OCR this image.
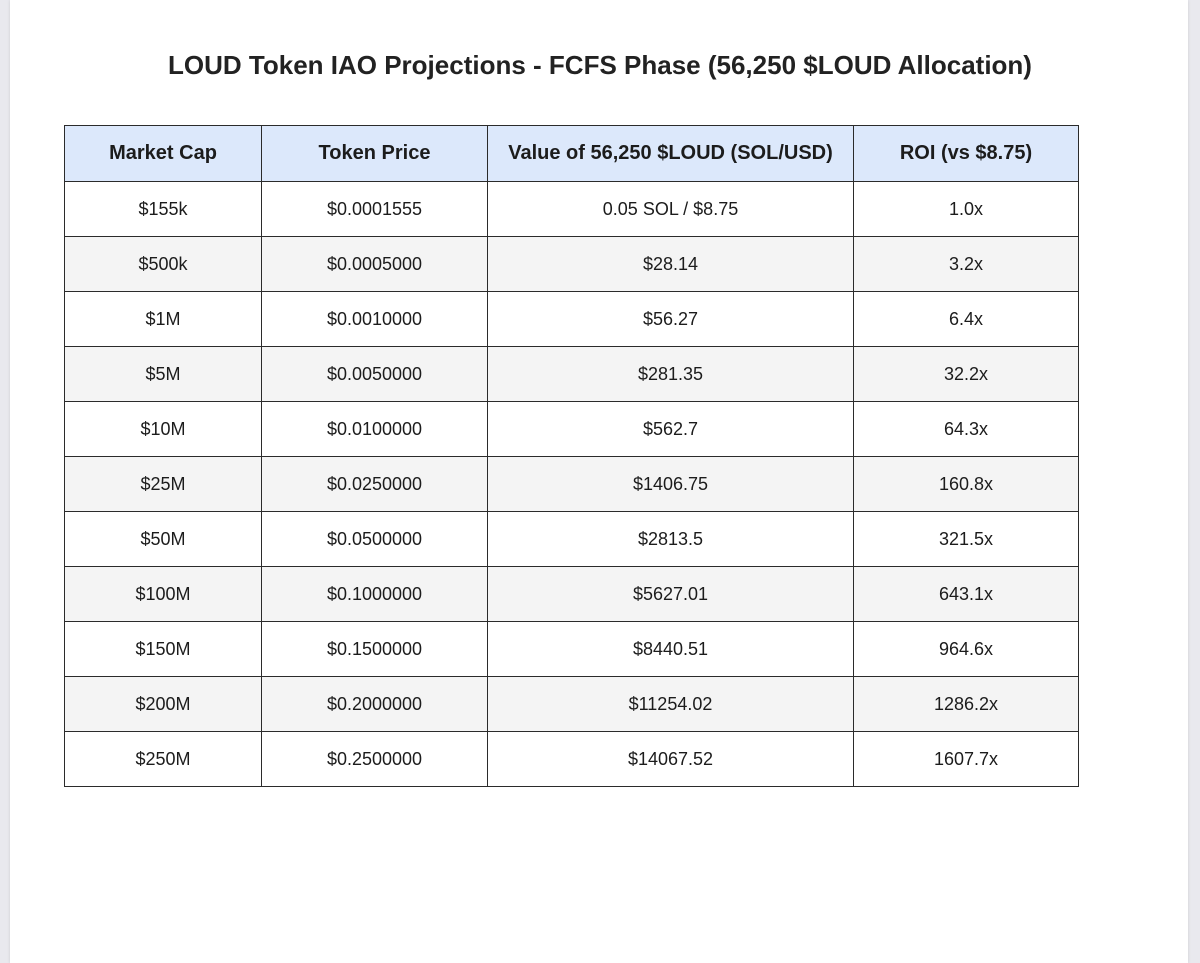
LOUD Token IAO Projections - FCFS Phase (56,250 $LOUD Allocation)
Market Cap	Token Price	Value of 56,250 $LOUD (SOL/USD)	ROI (vs $8.75)
$155k	$0.0001555	0.05 SOL / $8.75	1.0x
$500k	$0.0005000	$28.14	3.2x
$1M	$0.0010000	$56.27	6.4x
$5M	$0.0050000	$281.35	32.2x
$10M	$0.0100000	$562.7	64.3x
$25M	$0.0250000	$1406.75	160.8x
$50M	$0.0500000	$2813.5	321.5x
$100M	$0.1000000	$5627.01	643.1x
$150M	$0.1500000	$8440.51	964.6x
$200M	$0.2000000	$11254.02	1286.2x
$250M	$0.2500000	$14067.52	1607.7x
